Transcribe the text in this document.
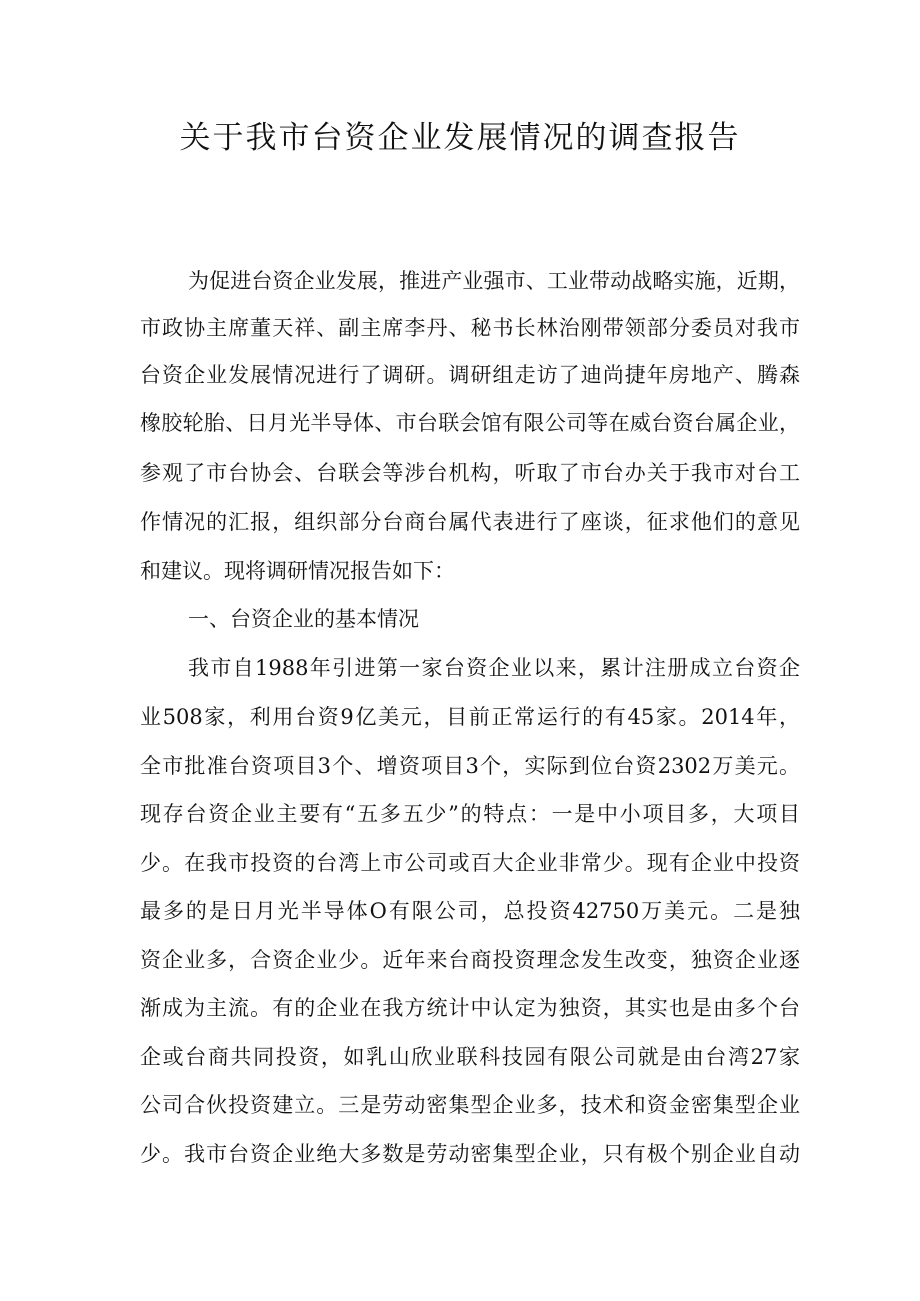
关于我市台资企业发展情况的调查报告
为促进台资企业发展，推进产业强市、工业带动战略实施，近期，
市政协主席董天祥、副主席李丹、秘书长林治刚带领部分委员对我市
台资企业发展情况进行了调研。调研组走访了迪尚捷年房地产、腾森
橡胶轮胎、日月光半导体、市台联会馆有限公司等在威台资台属企业，
参观了市台协会、台联会等涉台机构，听取了市台办关于我市对台工
作情况的汇报，组织部分台商台属代表进行了座谈，征求他们的意见
和建议。现将调研情况报告如下：
一、台资企业的基本情况
我市自1988年引进第一家台资企业以来，累计注册成立台资企
业508家，利用台资9亿美元，目前正常运行的有45家。2014年，
全市批准台资项目3个、增资项目3个，实际到位台资2302万美元。
现存台资企业主要有“五多五少”的特点：一是中小项目多，大项目
少。在我市投资的台湾上市公司或百大企业非常少。现有企业中投资
最多的是日月光半导体O有限公司，总投资42750万美元。二是独
资企业多，合资企业少。近年来台商投资理念发生改变，独资企业逐
渐成为主流。有的企业在我方统计中认定为独资，其实也是由多个台
企或台商共同投资，如乳山欣业联科技园有限公司就是由台湾27家
公司合伙投资建立。三是劳动密集型企业多，技术和资金密集型企业
少。我市台资企业绝大多数是劳动密集型企业，只有极个别企业自动
